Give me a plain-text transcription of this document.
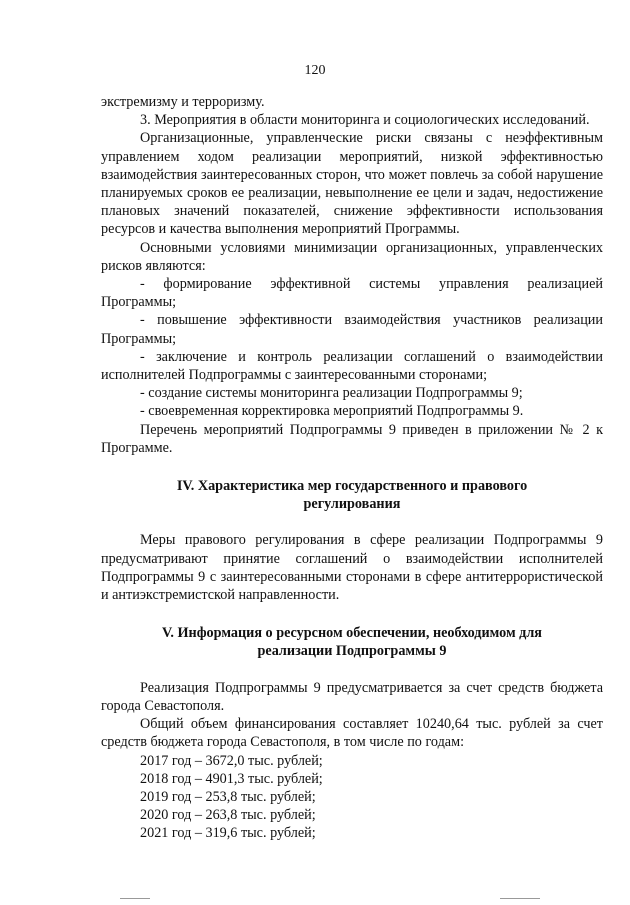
120

экстремизму и терроризму.

3. Мероприятия в области мониторинга и социологических исследований.

Организационные, управленческие риски связаны с неэффективным управлением ходом реализации мероприятий, низкой эффективностью взаимодействия заинтересованных сторон, что может повлечь за собой нарушение планируемых сроков ее реализации, невыполнение ее цели и задач, недостижение плановых значений показателей, снижение эффективности использования ресурсов и качества выполнения мероприятий Программы.

Основными условиями минимизации организационных, управленческих рисков являются:

- формирование эффективной системы управления реализацией Программы;

- повышение эффективности взаимодействия участников реализации Программы;

- заключение и контроль реализации соглашений о взаимодействии исполнителей Подпрограммы с заинтересованными сторонами;

- создание системы мониторинга реализации Подпрограммы 9;

- своевременная корректировка мероприятий Подпрограммы 9.

Перечень мероприятий Подпрограммы 9 приведен в приложении № 2 к Программе.

IV. Характеристика мер государственного и правового

регулирования

Меры правового регулирования в сфере реализации Подпрограммы 9 предусматривают принятие соглашений о взаимодействии исполнителей Подпрограммы 9 с заинтересованными сторонами в сфере антитеррористической и антиэкстремистской направленности.

V. Информация о ресурсном обеспечении, необходимом для

реализации Подпрограммы 9

Реализация Подпрограммы 9 предусматривается за счет средств бюджета города Севастополя.

Общий объем финансирования составляет 10240,64 тыс. рублей за счет средств бюджета города Севастополя, в том числе по годам:

2017 год – 3672,0 тыс. рублей;

2018 год – 4901,3 тыс. рублей;

2019 год – 253,8 тыс. рублей;

2020 год – 263,8 тыс. рублей;

2021 год – 319,6 тыс. рублей;
